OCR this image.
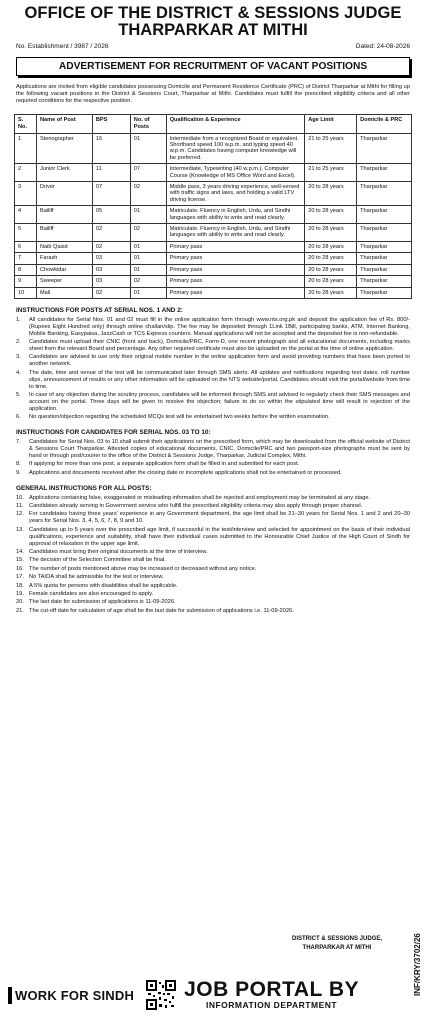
OFFICE OF THE DISTRICT & SESSIONS JUDGE
THARPARKAR AT MITHI
No. Establishment / 3987 / 2026	Dated: 24-08-2026
ADVERTISEMENT FOR RECRUITMENT OF VACANT POSITIONS
Applications are invited from eligible candidates possessing Domicile and Permanent Residence Certificate (PRC) of District Tharparkar at Mithi for filling up the following vacant positions in the District & Sessions Court, Tharparkar at Mithi. Candidates must fulfill the prescribed eligibility criteria and all other required conditions for the respective position.
S. No.	Name of Post	BPS	No. of Posts	Qualification & Experience	Age Limit	Domicile & PRC
1	Stenographer	16	01	Intermediate from a recognized Board or equivalent. Shorthand speed 100 w.p.m. and typing speed 40 w.p.m. Candidates having computer knowledge will be preferred.	21 to 25 years	Tharparkar
2	Junior Clerk	11	07	Intermediate, Typewriting (40 w.p.m.), Computer Course (Knowledge of MS Office Word and Excel).	21 to 25 years	Tharparkar
3	Driver	07	02	Middle pass, 3 years driving experience, well-versed with traffic signs and laws, and holding a valid LTV driving license.	20 to 28 years	Tharparkar
4	Bailiff	05	01	Matriculate. Fluency in English, Urdu, and Sindhi languages with ability to write and read clearly.	20 to 28 years	Tharparkar
5	Bailiff	02	02	Matriculate. Fluency in English, Urdu, and Sindhi languages with ability to write and read clearly.	20 to 28 years	Tharparkar
6	Naib Qasid	02	01	Primary pass	20 to 28 years	Tharparkar
7	Farash	03	01	Primary pass	20 to 28 years	Tharparkar
8	Chowkidar	03	01	Primary pass	20 to 28 years	Tharparkar
9	Sweeper	03	02	Primary pass	20 to 28 years	Tharparkar
10	Mali	02	01	Primary pass	20 to 28 years	Tharparkar
INSTRUCTIONS FOR POSTS AT SERIAL NOS. 1 AND 2:
1.	All candidates for Serial Nos. 01 and 02 must fill in the online application form through www.nts.org.pk and deposit the application fee of Rs. 800/- (Rupees Eight Hundred only) through online challan/slip. The fee may be deposited through 1Link 1Bill, participating banks, ATM, Internet Banking, Mobile Banking, Easypaisa, JazzCash or TCS Express counters. Manual applications will not be accepted and the deposited fee is non-refundable.
2.	Candidates must upload their CNIC (front and back), Domicile/PRC, Form-D, one recent photograph and all educational documents, including marks sheet from the relevant Board and percentage. Any other required certificate must also be uploaded on the portal at the time of online application.
3.	Candidates are advised to use only their original mobile number in the online application form and avoid providing numbers that have been ported to another network.
4.	The date, time and venue of the test will be communicated later through SMS alerts. All updates and notifications regarding test dates, roll number slips, announcement of results or any other information will be uploaded on the NTS website/portal. Candidates should visit the portal/website from time to time.
5.	In case of any objection during the scrutiny process, candidates will be informed through SMS and advised to regularly check their SMS messages and account on the portal. Three days will be given to resolve the objection; failure to do so within the stipulated time will result in rejection of the application.
6.	No question/objection regarding the scheduled MCQs test will be entertained two weeks before the written examination.
INSTRUCTIONS FOR CANDIDATES FOR SERIAL NOS. 03 TO 10:
7.	Candidates for Serial Nos. 03 to 10 shall submit their applications on the prescribed form, which may be downloaded from the official website of District & Sessions Court Tharparkar. Attested copies of educational documents, CNIC, Domicile/PRC and two passport-size photographs must be sent by hand or through post/courier to the office of the District & Sessions Judge, Tharparkar, Judicial Complex, Mithi.
8.	If applying for more than one post, a separate application form shall be filled in and submitted for each post.
9.	Applications and documents received after the closing date or incomplete applications shall not be entertained or processed.
GENERAL INSTRUCTIONS FOR ALL POSTS:
10. Applications containing false, exaggerated or misleading information shall be rejected and employment may be terminated at any stage.
11. Candidates already serving in Government service who fulfill the prescribed eligibility criteria may also apply through proper channel.
12. For candidates having three years' experience in any Government department, the age limit shall be 21–30 years for Serial Nos. 1 and 2 and 20–30 years for Serial Nos. 3, 4, 5, 6, 7, 8, 9 and 10.
13. Candidates up to 5 years over the prescribed age limit, if successful in the test/interview and selected for appointment on the basis of their individual qualifications, experience and suitability, shall have their individual cases submitted to the Honourable Chief Justice of the High Court of Sindh for approval of relaxation in the upper age limit.
14. Candidates must bring their original documents at the time of interview.
15. The decision of the Selection Committee shall be final.
16. The number of posts mentioned above may be increased or decreased without any notice.
17. No TA/DA shall be admissible for the test or interview.
18. A 5% quota for persons with disabilities shall be applicable.
19. Female candidates are also encouraged to apply.
20. The last date for submission of applications is 11-09-2026.
21. The cut-off date for calculation of age shall be the last date for submission of applications i.e. 11-09-2026.
DISTRICT & SESSIONS JUDGE,
THARPARKAR AT MITHI	INF/KRY/3702/26
WORK FOR SINDH JOB PORTAL BY
INFORMATION DEPARTMENT
